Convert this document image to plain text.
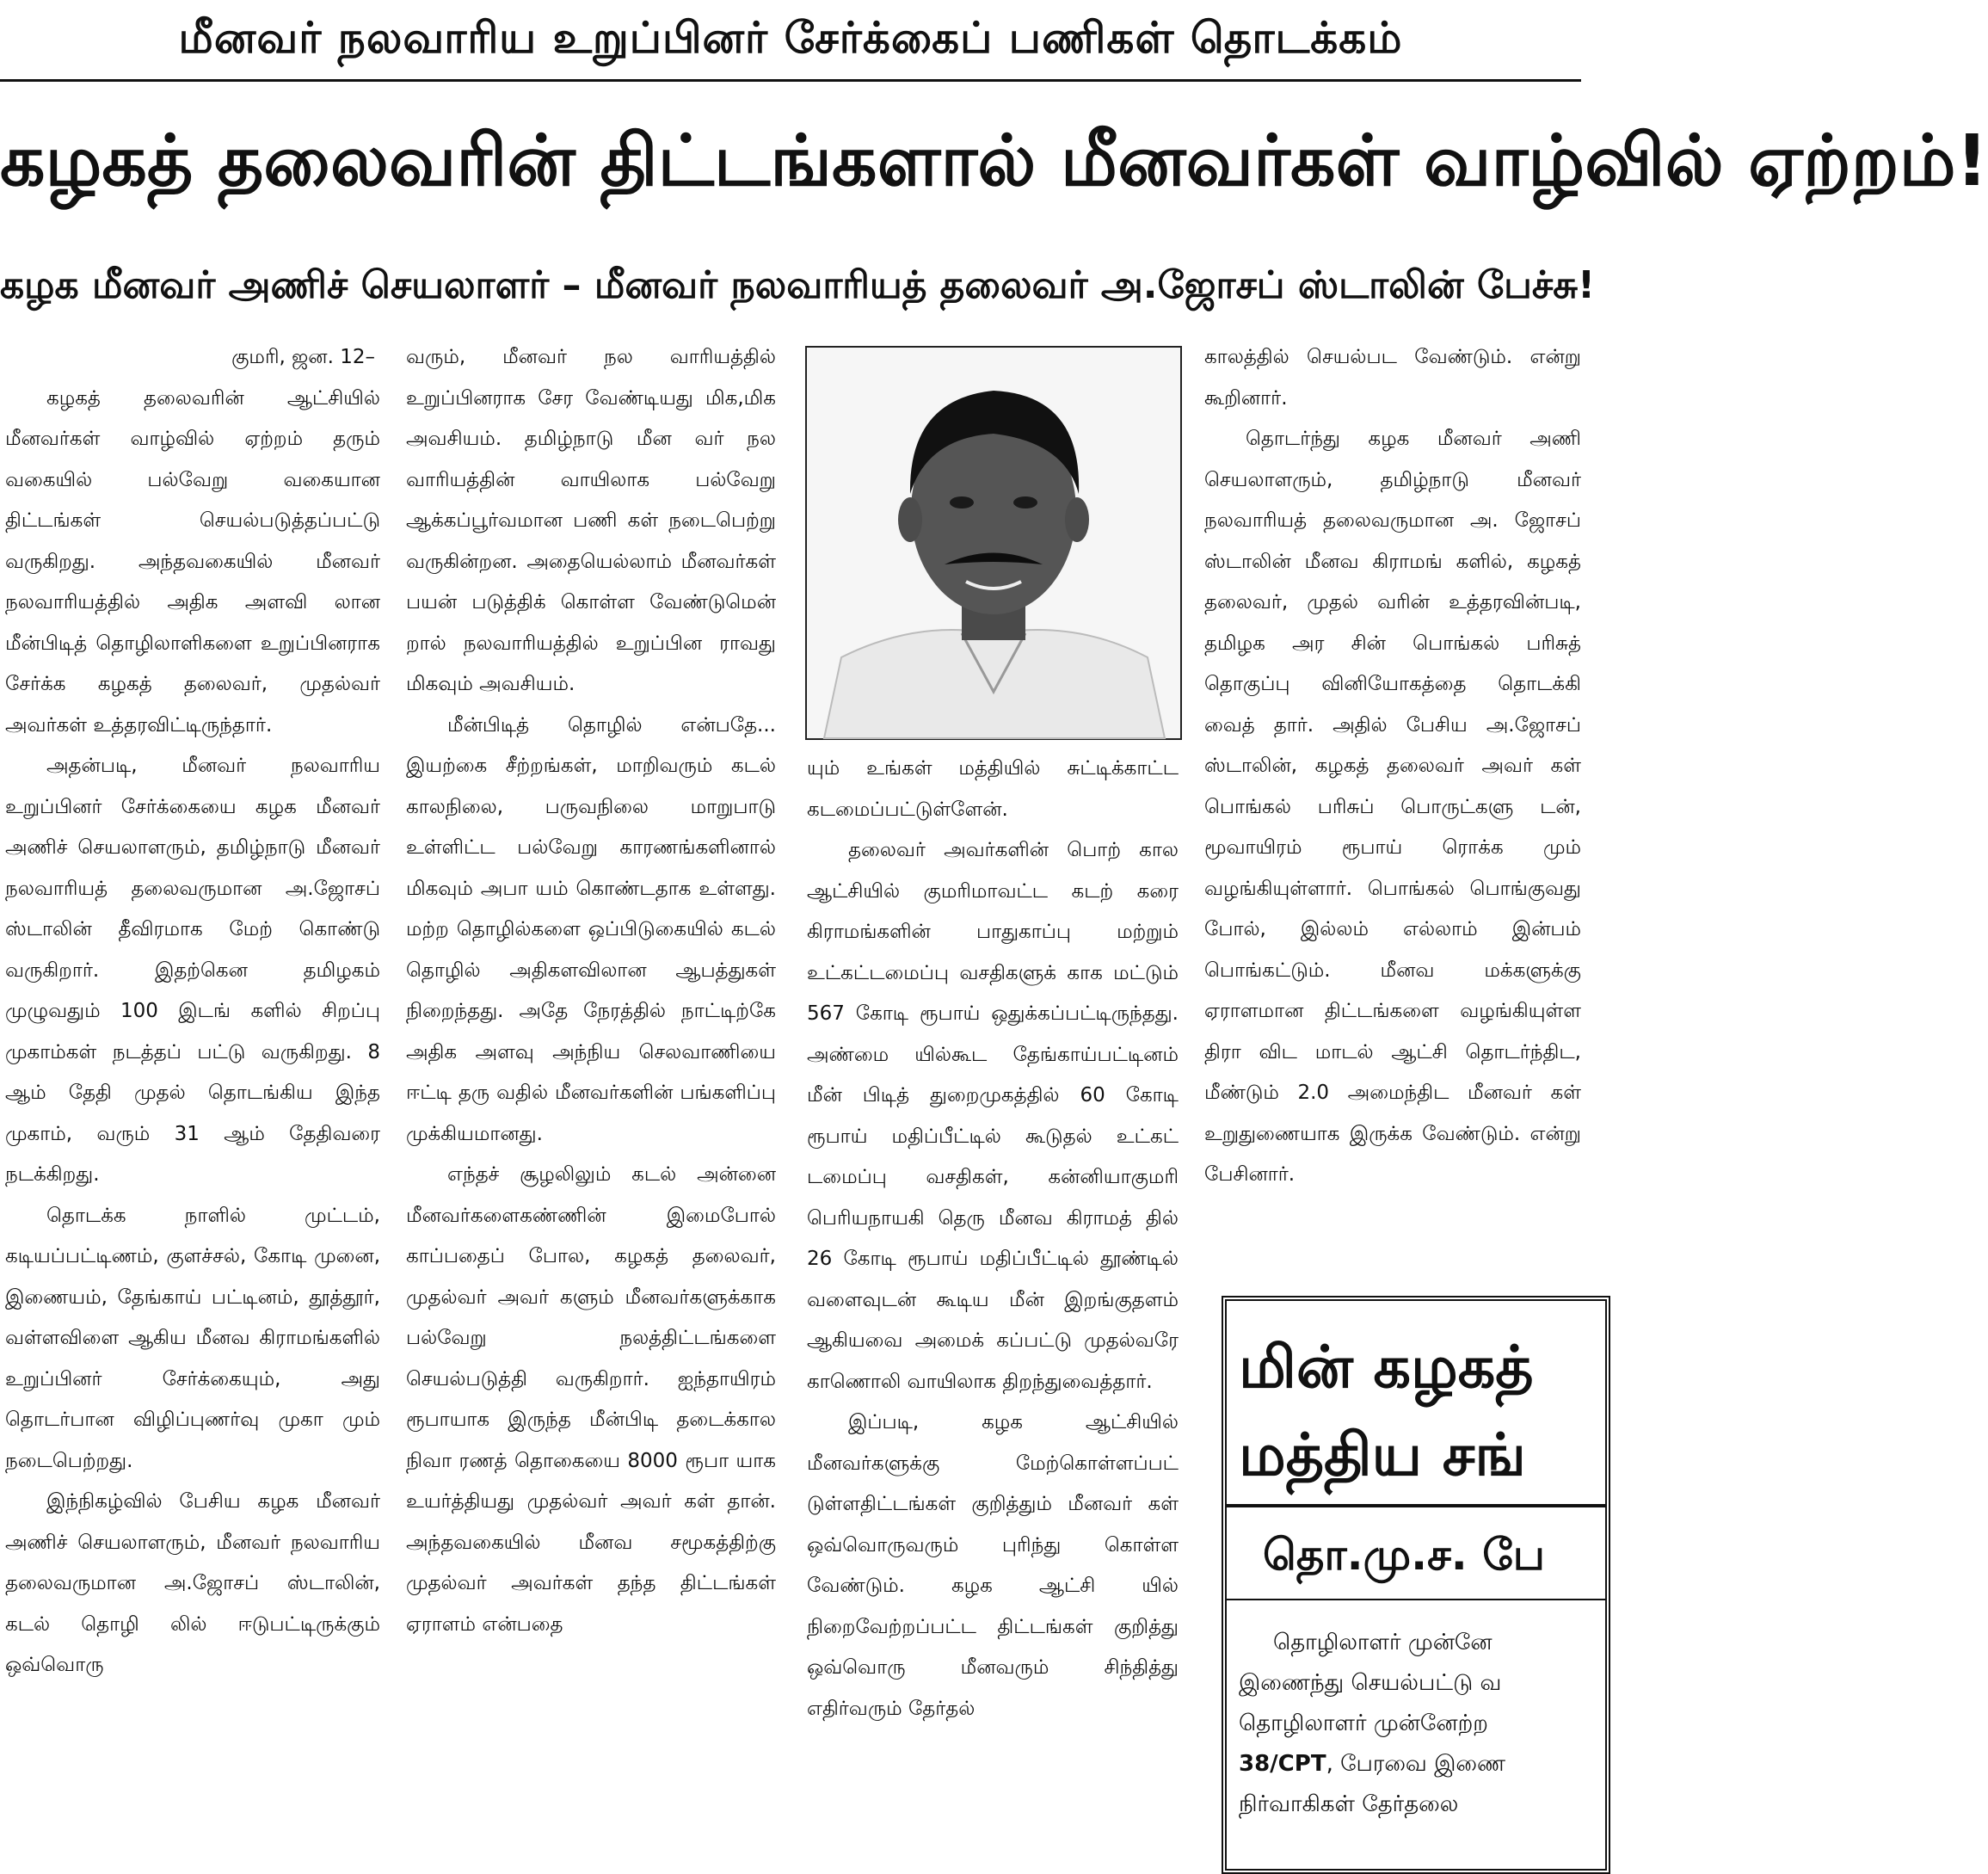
மீனவர் நலவாரிய உறுப்பினர் சேர்க்கைப் பணிகள் தொடக்கம்
கழகத் தலைவரின் திட்டங்களால் மீனவர்கள் வாழ்வில் ஏற்றம்!
கழக மீனவர் அணிச் செயலாளர் – மீனவர் நலவாரியத் தலைவர் அ.ஜோசப் ஸ்டாலின் பேச்சு!

குமரி, ஜன. 12–

கழகத் தலைவரின் ஆட்சியில் மீனவர்கள் வாழ்வில் ஏற்றம் தரும் வகையில் பல்வேறு வகையான திட்டங்கள் செயல்படுத்தப்பட்டு வருகிறது. அந்தவகையில் மீனவர் நலவாரியத்தில் அதிக அளவி லான மீன்பிடித் தொழிலாளிகளை உறுப்பினராக சேர்க்க கழகத் தலைவர், முதல்வர் அவர்கள் உத்தரவிட்டிருந்தார்.

அதன்படி, மீனவர் நலவாரிய உறுப்பினர் சேர்க்கையை கழக மீனவர் அணிச் செயலாளரும், தமிழ்நாடு மீனவர் நலவாரியத் தலைவருமான அ.ஜோசப் ஸ்டாலின் தீவிரமாக மேற் கொண்டு வருகிறார். இதற்கென தமிழகம் முழுவதும் 100 இடங் களில் சிறப்பு முகாம்கள் நடத்தப் பட்டு வருகிறது. 8 ஆம் தேதி முதல் தொடங்கிய இந்த முகாம், வரும் 31 ஆம் தேதிவரை நடக்கிறது.

தொடக்க நாளில் முட்டம், கடியப்பட்டிணம், குளச்சல், கோடி முனை, இணையம், தேங்காய் பட்டினம், தூத்தூர், வள்ளவிளை ஆகிய மீனவ கிராமங்களில் உறுப்பினர் சேர்க்கையும், அது தொடர்பான விழிப்புணர்வு முகா மும் நடைபெற்றது.

இந்நிகழ்வில் பேசிய கழக மீனவர் அணிச் செயலாளரும், மீனவர் நலவாரிய தலைவருமான அ.ஜோசப் ஸ்டாலின், கடல் தொழி லில் ஈடுபட்டிருக்கும் ஒவ்வொரு

வரும், மீனவர் நல வாரியத்தில் உறுப்பினராக சேர வேண்டியது மிக,மிக அவசியம். தமிழ்நாடு மீன வர் நல வாரியத்தின் வாயிலாக பல்வேறு ஆக்கப்பூர்வமான பணி கள் நடைபெற்று வருகின்றன. அதையெல்லாம் மீனவர்கள் பயன் படுத்திக் கொள்ள வேண்டுமென் றால் நலவாரியத்தில் உறுப்பின ராவது மிகவும் அவசியம்.

மீன்பிடித் தொழில் என்பதே... இயற்கை சீற்றங்கள், மாறிவரும் கடல் காலநிலை, பருவநிலை மாறுபாடு உள்ளிட்ட பல்வேறு காரணங்களினால் மிகவும் அபா யம் கொண்டதாக உள்ளது. மற்ற தொழில்களை ஒப்பிடுகையில் கடல் தொழில் அதிகளவிலான ஆபத்துகள் நிறைந்தது. அதே நேரத்தில் நாட்டிற்கே அதிக அளவு அந்நிய செலவாணியை ஈட்டி தரு வதில் மீனவர்களின் பங்களிப்பு முக்கியமானது.

எந்தச் சூழலிலும் கடல் அன்னை மீனவர்களைகண்ணின் இமைபோல் காப்பதைப் போல, கழகத் தலைவர், முதல்வர் அவர் களும் மீனவர்களுக்காக பல்வேறு நலத்திட்டங்களை செயல்படுத்தி வருகிறார். ஐந்தாயிரம் ரூபாயாக இருந்த மீன்பிடி தடைக்கால நிவா ரணத் தொகையை 8000 ரூபா யாக உயர்த்தியது முதல்வர் அவர் கள் தான். அந்தவகையில் மீனவ சமூகத்திற்கு முதல்வர் அவர்கள் தந்த திட்டங்கள் ஏராளம் என்பதை

யும் உங்கள் மத்தியில் சுட்டிக்காட்ட கடமைப்பட்டுள்ளேன்.

தலைவர் அவர்களின் பொற் கால ஆட்சியில் குமரிமாவட்ட கடற் கரை கிராமங்களின் பாதுகாப்பு மற்றும் உட்கட்டமைப்பு வசதிகளுக் காக மட்டும் 567 கோடி ரூபாய் ஒதுக்கப்பட்டிருந்தது. அண்மை யில்கூட தேங்காய்பட்டினம் மீன் பிடித் துறைமுகத்தில் 60 கோடி ரூபாய் மதிப்பீட்டில் கூடுதல் உட்கட் டமைப்பு வசதிகள், கன்னியாகுமரி பெரியநாயகி தெரு மீனவ கிராமத் தில் 26 கோடி ரூபாய் மதிப்பீட்டில் தூண்டில் வளைவுடன் கூடிய மீன் இறங்குதளம் ஆகியவை அமைக் கப்பட்டு முதல்வரே காணொலி வாயிலாக திறந்துவைத்தார்.

இப்படி, கழக ஆட்சியில் மீனவர்களுக்கு மேற்கொள்ளப்பட் டுள்ளதிட்டங்கள் குறித்தும் மீனவர் கள் ஒவ்வொருவரும் புரிந்து கொள்ள வேண்டும். கழக ஆட்சி யில் நிறைவேற்றப்பட்ட திட்டங்கள் குறித்து ஒவ்வொரு மீனவரும் சிந்தித்து எதிர்வரும் தேர்தல்

காலத்தில் செயல்பட வேண்டும். என்று கூறினார்.

தொடர்ந்து கழக மீனவர் அணி செயலாளரும், தமிழ்நாடு மீனவர் நலவாரியத் தலைவருமான அ. ஜோசப் ஸ்டாலின் மீனவ கிராமங் களில், கழகத் தலைவர், முதல் வரின் உத்தரவின்படி, தமிழக அர சின் பொங்கல் பரிசுத் தொகுப்பு வினியோகத்தை தொடக்கி வைத் தார். அதில் பேசிய அ.ஜோசப் ஸ்டாலின், கழகத் தலைவர் அவர் கள் பொங்கல் பரிசுப் பொருட்களு டன், மூவாயிரம் ரூபாய் ரொக்க மும் வழங்கியுள்ளார். பொங்கல் பொங்குவது போல், இல்லம் எல்லாம் இன்பம் பொங்கட்டும். மீனவ மக்களுக்கு ஏராளமான திட்டங்களை வழங்கியுள்ள திரா விட மாடல் ஆட்சி தொடர்ந்திட, மீண்டும் 2.0 அமைந்திட மீனவர் கள் உறுதுணையாக இருக்க வேண்டும். என்று பேசினார்.

மின் கழகத்
மத்திய சங்
தொ.மு.ச. பே
தொழிலாளர் முன்னே
இணைந்து செயல்பட்டு வ
தொழிலாளர் முன்னேற்ற
38/CPT, பேரவை இணை
நிர்வாகிகள் தேர்தலை
